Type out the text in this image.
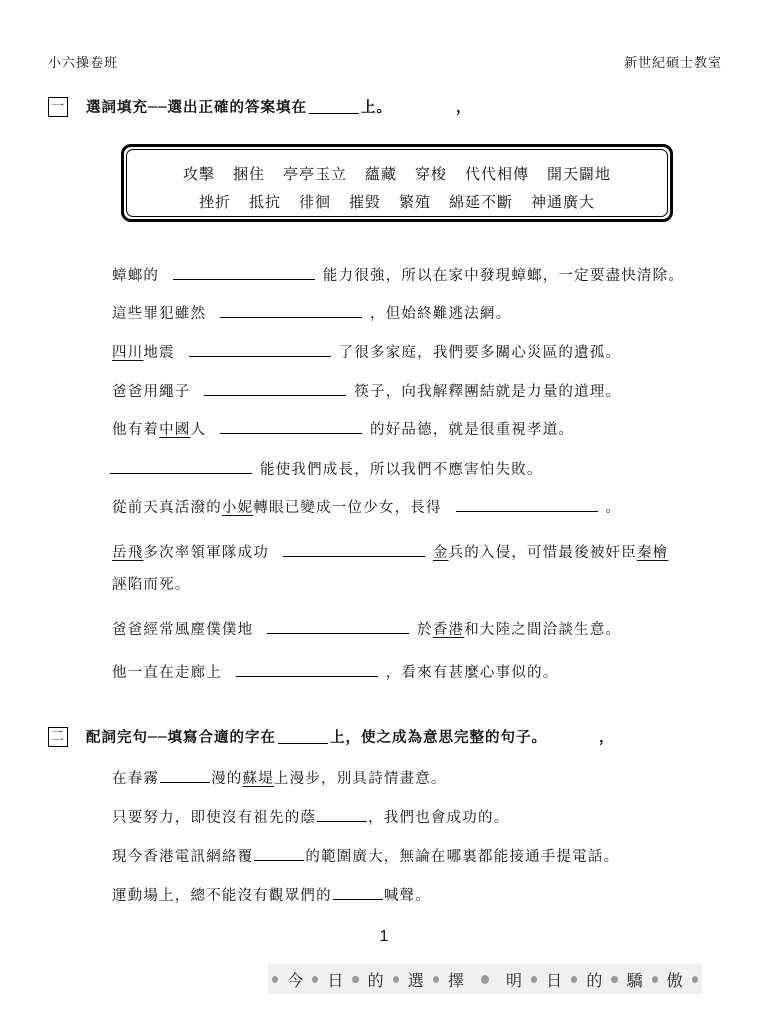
小六操卷班	新世紀碩士教室
一 選詞填充──選出正確的答案填在	上。	，
攻擊 捆住 亭亭玉立 蘊藏 穿梭 代代相傳 開天闢地
挫折 抵抗 徘徊 摧毀 繁殖 綿延不斷 神通廣大
蟑螂的	能力很強，所以在家中發現蟑螂，一定要盡快清除。
這些罪犯雖然	，但始終難逃法網。
四川地震	了很多家庭，我們要多關心災區的遺孤。
爸爸用繩子	筷子，向我解釋團結就是力量的道理。
他有着中國人	的好品德，就是很重視孝道。
能使我們成長，所以我們不應害怕失敗。
從前天真活潑的小妮轉眼已變成一位少女，長得	。
岳飛多次率領軍隊成功	金兵的入侵，可惜最後被奸臣秦檜
誣陷而死。
爸爸經常風塵僕僕地	於香港和大陸之間洽談生意。
他一直在走廊上	，看來有甚麼心事似的。
二 配詞完句──填寫合適的字在	上，使之成為意思完整的句子。	，
在春霧	漫的蘇堤上漫步，別具詩情畫意。
只要努力，即使沒有祖先的蔭	，我們也會成功的。
現今香港電訊網絡覆	的範圍廣大，無論在哪裏都能接通手提電話。
運動場上，總不能沒有觀眾們的	喊聲。
1
今 日 的 選 擇	明 日 的 驕 傲
